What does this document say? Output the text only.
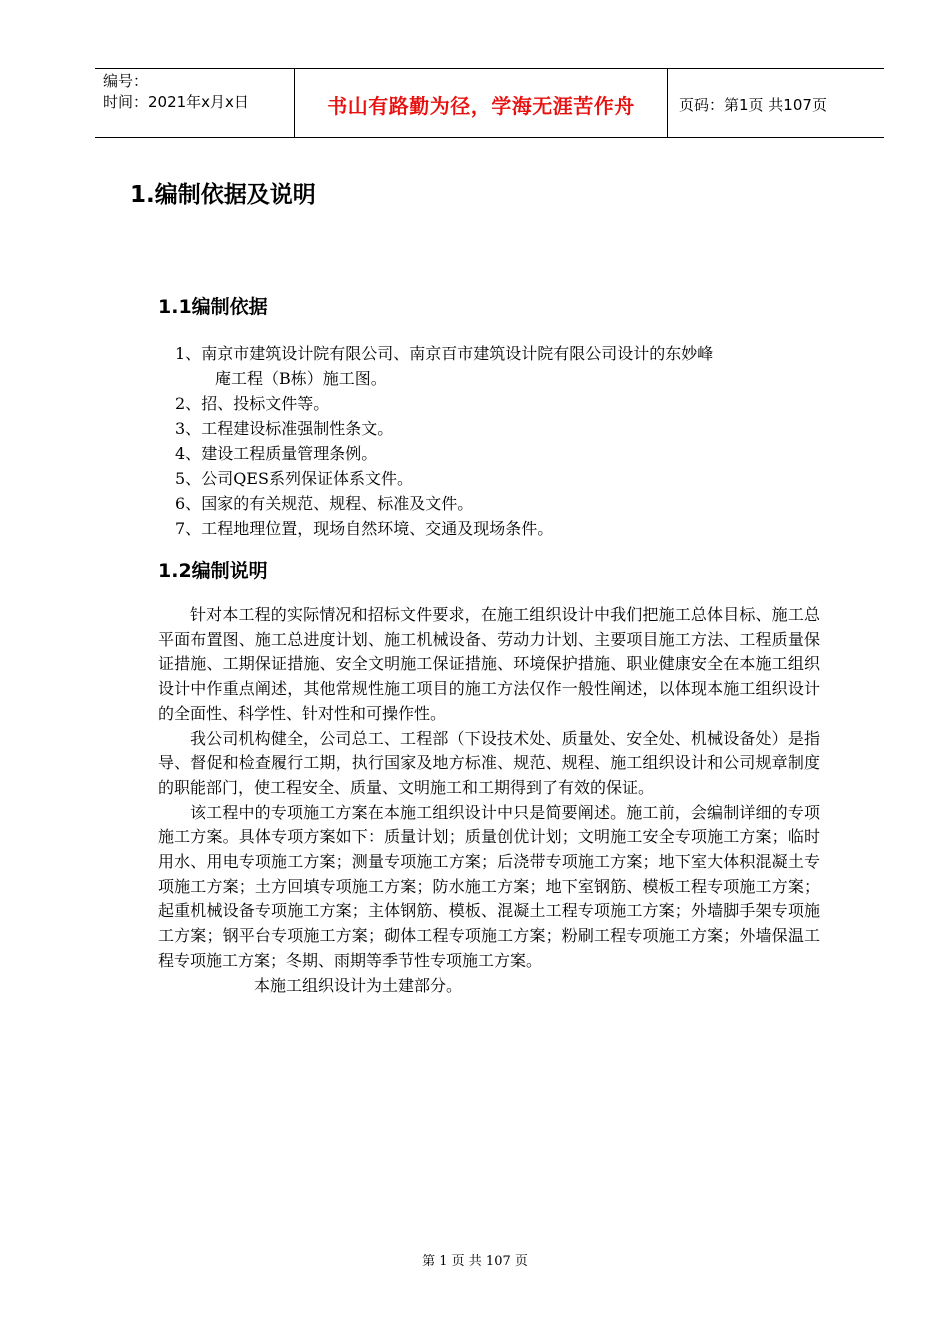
编号：
时间：2021年x月x日	书山有路勤为径，学海无涯苦作舟	页码：第1页 共107页
1.编制依据及说明
1.1编制依据
1、南京市建筑设计院有限公司、南京百市建筑设计院有限公司设计的东妙峰
庵工程（B栋）施工图。
2、招、投标文件等。
3、工程建设标准强制性条文。
4、建设工程质量管理条例。
5、公司QES系列保证体系文件。
6、国家的有关规范、规程、标准及文件。
7、工程地理位置，现场自然环境、交通及现场条件。
1.2编制说明

针对本工程的实际情况和招标文件要求，在施工组织设计中我们把施工总体目标、施工总平面布置图、施工总进度计划、施工机械设备、劳动力计划、主要项目施工方法、工程质量保证措施、工期保证措施、安全文明施工保证措施、环境保护措施、职业健康安全在本施工组织设计中作重点阐述，其他常规性施工项目的施工方法仅作一般性阐述，以体现本施工组织设计的全面性、科学性、针对性和可操作性。

我公司机构健全，公司总工、工程部（下设技术处、质量处、安全处、机械设备处）是指导、督促和检查履行工期，执行国家及地方标准、规范、规程、施工组织设计和公司规章制度的职能部门，使工程安全、质量、文明施工和工期得到了有效的保证。

该工程中的专项施工方案在本施工组织设计中只是简要阐述。施工前，会编制详细的专项施工方案。具体专项方案如下：质量计划；质量创优计划；文明施工安全专项施工方案；临时用水、用电专项施工方案；测量专项施工方案；后浇带专项施工方案；地下室大体积混凝土专项施工方案；土方回填专项施工方案；防水施工方案；地下室钢筋、模板工程专项施工方案；起重机械设备专项施工方案；主体钢筋、模板、混凝土工程专项施工方案；外墙脚手架专项施工方案；钢平台专项施工方案；砌体工程专项施工方案；粉刷工程专项施工方案；外墙保温工程专项施工方案；冬期、雨期等季节性专项施工方案。

本施工组织设计为土建部分。

第 1 页 共 107 页
